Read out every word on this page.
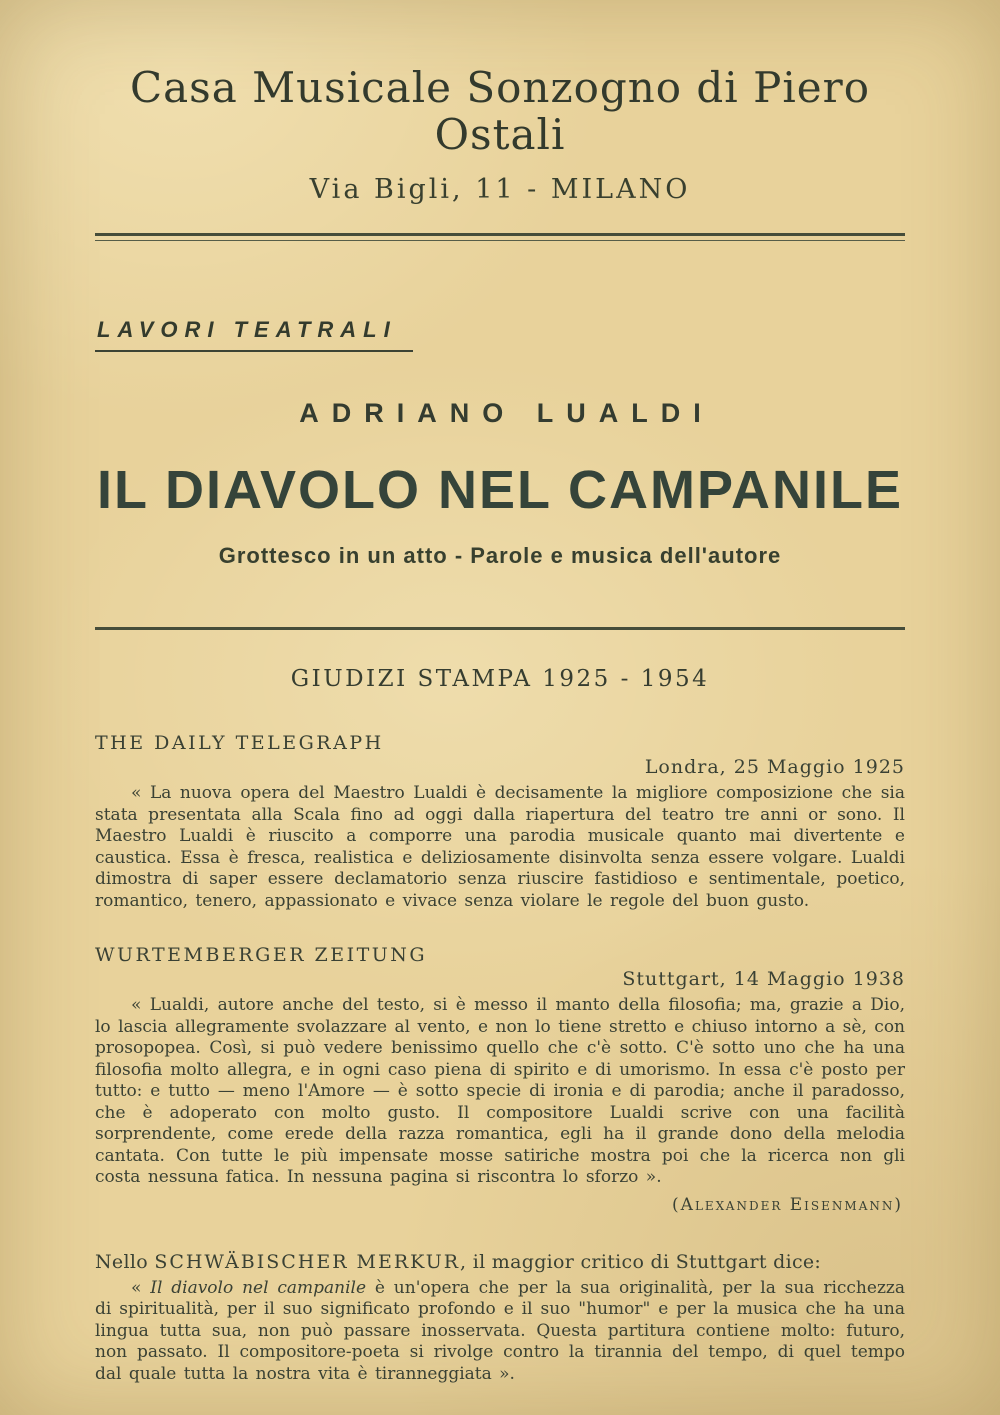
Casa Musicale Sonzogno di Piero Ostali
Via Bigli, 11 - MILANO
LAVORI TEATRALI
ADRIANO LUALDI
IL DIAVOLO NEL CAMPANILE
Grottesco in un atto - Parole e musica dell'autore
GIUDIZI STAMPA 1925 - 1954
THE DAILY TELEGRAPH
Londra, 25 Maggio 1925

« La nuova opera del Maestro Lualdi è decisamente la migliore composizione che sia stata presentata alla Scala fino ad oggi dalla riapertura del teatro tre anni or sono. Il Maestro Lualdi è riuscito a comporre una parodia musicale quanto mai divertente e caustica. Essa è fresca, realistica e deliziosamente disinvolta senza essere volgare. Lualdi dimostra di saper essere declamatorio senza riuscire fastidioso e sentimentale, poetico, romantico, tenero, appassionato e vivace senza violare le regole del buon gusto.

WURTEMBERGER ZEITUNG
Stuttgart, 14 Maggio 1938

« Lualdi, autore anche del testo, si è messo il manto della filosofia; ma, grazie a Dio, lo lascia allegramente svolazzare al vento, e non lo tiene stretto e chiuso intorno a sè, con prosopopea. Così, si può vedere benissimo quello che c'è sotto. C'è sotto uno che ha una filosofia molto allegra, e in ogni caso piena di spirito e di umorismo. In essa c'è posto per tutto: e tutto — meno l'Amore — è sotto specie di ironia e di parodia; anche il paradosso, che è adoperato con molto gusto. Il compositore Lualdi scrive con una facilità sorprendente, come erede della razza romantica, egli ha il grande dono della melodia cantata. Con tutte le più impensate mosse satiriche mostra poi che la ricerca non gli costa nessuna fatica. In nessuna pagina si riscontra lo sforzo ».

(Alexander Eisenmann)
Nello SCHWÄBISCHER MERKUR, il maggior critico di Stuttgart dice:

« Il diavolo nel campanile è un'opera che per la sua originalità, per la sua ricchezza di spiritualità, per il suo significato profondo e il suo "humor" e per la musica che ha una lingua tutta sua, non può passare inosservata. Questa partitura contiene molto: futuro, non passato. Il compositore-poeta si rivolge contro la tirannia del tempo, di quel tempo dal quale tutta la nostra vita è tiranneggiata ».
